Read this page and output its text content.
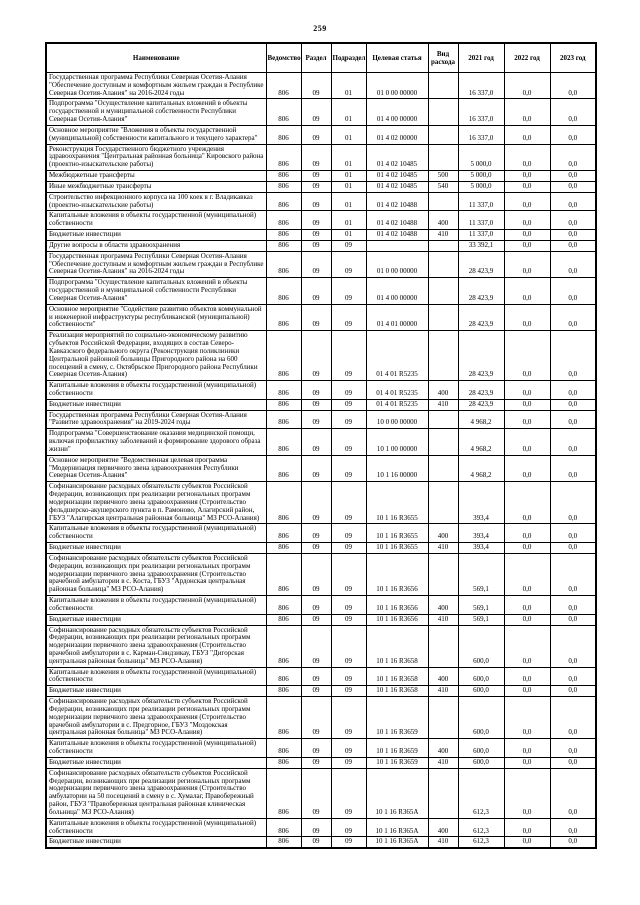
259
Наименование	Ведомство	Раздел	Подраздел	Целевая статья	Вид расхода	2021 год	2022 год	2023 год
Государственная программа Республики Северная Осетия-Алания "Обеспечение доступным и комфортным жильем граждан в Республике Северная Осетия-Алания" на 2016-2024 годы	806	09	01	01 0 00 00000		16 337,0	0,0	0,0
Подпрограмма "Осуществление капитальных вложений в объекты государственной и муниципальной собственности Республики Северная Осетия-Алания"	806	09	01	01 4 00 00000		16 337,0	0,0	0,0
Основное мероприятие "Вложения в объекты государственной (муниципальной) собственности капитального и текущего характера"	806	09	01	01 4 02 00000		16 337,0	0,0	0,0
Реконструкция Государственного бюджетного учреждения здравоохранения "Центральная районная больница" Кировского района (проектно-изыскательские работы)	806	09	01	01 4 02 10485		5 000,0	0,0	0,0
Межбюджетные трансферты	806	09	01	01 4 02 10485	500	5 000,0	0,0	0,0
Иные межбюджетные трансферты	806	09	01	01 4 02 10485	540	5 000,0	0,0	0,0
Строительство инфекционного корпуса на 100 коек в г. Владикавказ (проектно-изыскательские работы)	806	09	01	01 4 02 10488		11 337,0	0,0	0,0
Капитальные вложения в объекты государственной (муниципальной) собственности	806	09	01	01 4 02 10488	400	11 337,0	0,0	0,0
Бюджетные инвестиции	806	09	01	01 4 02 10488	410	11 337,0	0,0	0,0
Другие вопросы в области здравоохранения	806	09	09			33 392,1	0,0	0,0
Государственная программа Республики Северная Осетия-Алания "Обеспечение доступным и комфортным жильем граждан в Республике Северная Осетия-Алания" на 2016-2024 годы	806	09	09	01 0 00 00000		28 423,9	0,0	0,0
Подпрограмма "Осуществление капитальных вложений в объекты государственной и муниципальной собственности Республики Северная Осетия-Алания"	806	09	09	01 4 00 00000		28 423,9	0,0	0,0
Основное мероприятие "Содействие развитию объектов коммунальной и инженерной инфраструктуры республиканской (муниципальной) собственности"	806	09	09	01 4 01 00000		28 423,9	0,0	0,0
Реализация мероприятий по социально-экономическому развитию субъектов Российской Федерации, входящих в состав Северо-Кавказского федерального округа (Реконструкция поликлиники Центральной районной больницы Пригородного района на 600 посещений в смену, с. Октябрьское Пригородного района Республики Северная Осетия-Алания)	806	09	09	01 4 01 R5235		28 423,9	0,0	0,0
Капитальные вложения в объекты государственной (муниципальной) собственности	806	09	09	01 4 01 R5235	400	28 423,9	0,0	0,0
Бюджетные инвестиции	806	09	09	01 4 01 R5235	410	28 423,9	0,0	0,0
Государственная программа Республики Северная Осетия-Алания "Развитие здравоохранения" на 2019-2024 годы	806	09	09	10 0 00 00000		4 968,2	0,0	0,0
Подпрограмма "Совершенствование оказания медицинской помощи, включая профилактику заболеваний и формирование здорового образа жизни"	806	09	09	10 1 00 00000		4 968,2	0,0	0,0
Основное мероприятие "Ведомственная целевая программа "Модернизация первичного звена здравоохранения Республики Северная Осетия-Алания"	806	09	09	10 1 16 00000		4 968,2	0,0	0,0
Софинансирование расходных обязательств субъектов Российской Федерации, возникающих при реализации региональных программ модернизации первичного звена здравоохранения (Строительство фельдшерско-акушерского пункта в п. Рамоново, Алагирский район, ГБУЗ "Алагирская центральная районная больница" МЗ РСО-Алания)	806	09	09	10 1 16 R3655		393,4	0,0	0,0
Капитальные вложения в объекты государственной (муниципальной) собственности	806	09	09	10 1 16 R3655	400	393,4	0,0	0,0
Бюджетные инвестиции	806	09	09	10 1 16 R3655	410	393,4	0,0	0,0
Софинансирование расходных обязательств субъектов Российской Федерации, возникающих при реализации региональных программ модернизации первичного звена здравоохранения (Строительство врачебной амбулатории в с. Коста, ГБУЗ "Ардонская центральная районная больница" МЗ РСО-Алания)	806	09	09	10 1 16 R3656		569,1	0,0	0,0
Капитальные вложения в объекты государственной (муниципальной) собственности	806	09	09	10 1 16 R3656	400	569,1	0,0	0,0
Бюджетные инвестиции	806	09	09	10 1 16 R3656	410	569,1	0,0	0,0
Софинансирование расходных обязательств субъектов Российской Федерации, возникающих при реализации региональных программ модернизации первичного звена здравоохранения (Строительство врачебной амбулатории в с. Карман-Синдзикау, ГБУЗ "Дигорская центральная районная больница" МЗ РСО-Алания)	806	09	09	10 1 16 R3658		600,0	0,0	0,0
Капитальные вложения в объекты государственной (муниципальной) собственности	806	09	09	10 1 16 R3658	400	600,0	0,0	0,0
Бюджетные инвестиции	806	09	09	10 1 16 R3658	410	600,0	0,0	0,0
Софинансирование расходных обязательств субъектов Российской Федерации, возникающих при реализации региональных программ модернизации первичного звена здравоохранения (Строительство врачебной амбулатории в с. Предгорное, ГБУЗ "Моздокская центральная районная больница" МЗ РСО-Алания)	806	09	09	10 1 16 R3659		600,0	0,0	0,0
Капитальные вложения в объекты государственной (муниципальной) собственности	806	09	09	10 1 16 R3659	400	600,0	0,0	0,0
Бюджетные инвестиции	806	09	09	10 1 16 R3659	410	600,0	0,0	0,0
Софинансирование расходных обязательств субъектов Российской Федерации, возникающих при реализации региональных программ модернизации первичного звена здравоохранения (Строительство амбулатории на 50 посещений в смену в с. Хумалаг, Правобережный район, ГБУЗ "Правобережная центральная районная клиническая больница" МЗ РСО-Алания)	806	09	09	10 1 16 R365A		612,3	0,0	0,0
Капитальные вложения в объекты государственной (муниципальной) собственности	806	09	09	10 1 16 R365A	400	612,3	0,0	0,0
Бюджетные инвестиции	806	09	09	10 1 16 R365A	410	612,3	0,0	0,0
